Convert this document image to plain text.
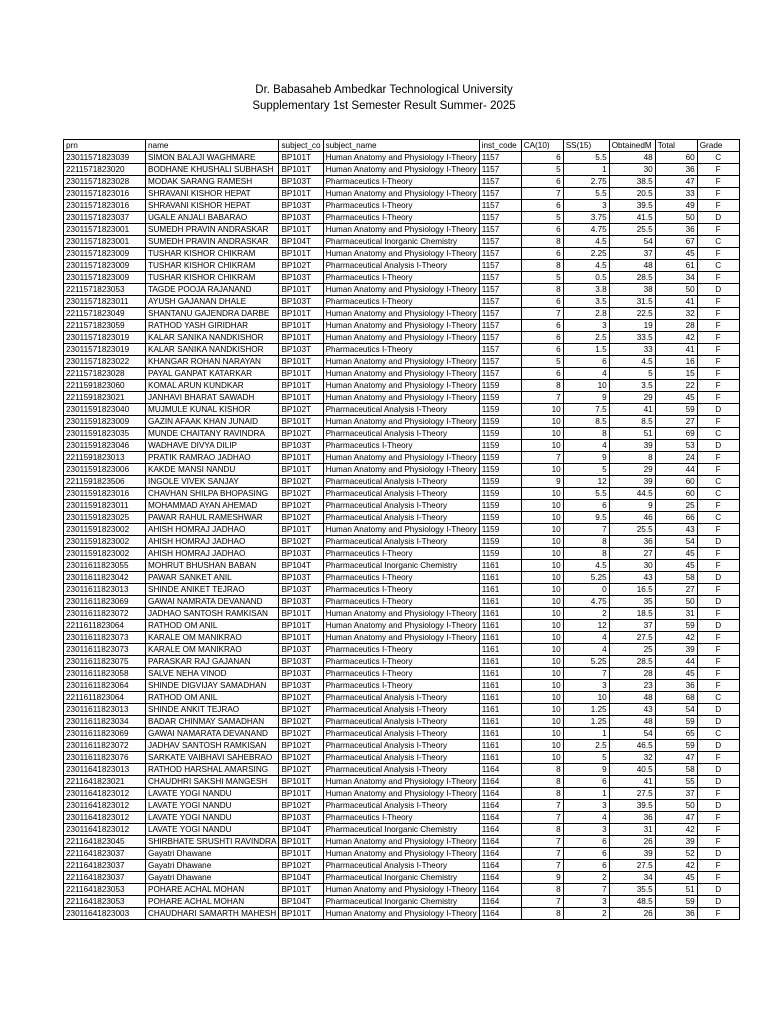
Dr. Babasaheb Ambedkar Technological University
Supplementary 1st Semester Result Summer- 2025
prn	name	subject_co	subject_name	inst_code	CA(10)	SS(15)	ObtainedM	Total	Grade
23011571823039	SIMON BALAJI WAGHMARE	BP101T	Human Anatomy and Physiology I-Theory	1157	6	5.5	48	60	C
2211571823020	BODHANE KHUSHALI SUBHASH	BP101T	Human Anatomy and Physiology I-Theory	1157	5	1	30	36	F
23011571823028	MODAK SARANG RAMESH	BP103T	Pharmaceutics I-Theory	1157	6	2.75	38.5	47	F
23011571823016	SHRAVANI KISHOR HEPAT	BP101T	Human Anatomy and Physiology I-Theory	1157	7	5.5	20.5	33	F
23011571823016	SHRAVANI KISHOR HEPAT	BP103T	Pharmaceutics I-Theory	1157	6	3	39.5	49	F
23011571823037	UGALE ANJALI BABARAO	BP103T	Pharmaceutics I-Theory	1157	5	3.75	41.5	50	D
23011571823001	SUMEDH PRAVIN ANDRASKAR	BP101T	Human Anatomy and Physiology I-Theory	1157	6	4.75	25.5	36	F
23011571823001	SUMEDH PRAVIN ANDRASKAR	BP104T	Pharmaceutical Inorganic Chemistry	1157	8	4.5	54	67	C
23011571823009	TUSHAR KISHOR CHIKRAM	BP101T	Human Anatomy and Physiology I-Theory	1157	6	2.25	37	45	F
23011571823009	TUSHAR KISHOR CHIKRAM	BP102T	Pharmaceutical Analysis I-Theory	1157	8	4.5	48	61	C
23011571823009	TUSHAR KISHOR CHIKRAM	BP103T	Pharmaceutics I-Theory	1157	5	0.5	28.5	34	F
2211571823053	TAGDE POOJA RAJANAND	BP101T	Human Anatomy and Physiology I-Theory	1157	8	3.8	38	50	D
23011571823011	AYUSH GAJANAN DHALE	BP103T	Pharmaceutics I-Theory	1157	6	3.5	31.5	41	F
2211571823049	SHANTANU GAJENDRA DARBE	BP101T	Human Anatomy and Physiology I-Theory	1157	7	2.8	22.5	32	F
2211571823059	RATHOD YASH GIRIDHAR	BP101T	Human Anatomy and Physiology I-Theory	1157	6	3	19	28	F
23011571823019	KALAR SANIKA NANDKISHOR	BP101T	Human Anatomy and Physiology I-Theory	1157	6	2.5	33.5	42	F
23011571823019	KALAR SANIKA NANDKISHOR	BP103T	Pharmaceutics I-Theory	1157	6	1.5	33	41	F
23011571823022	KHANGAR ROHAN NARAYAN	BP101T	Human Anatomy and Physiology I-Theory	1157	5	6	4.5	16	F
2211571823028	PAYAL GANPAT KATARKAR	BP101T	Human Anatomy and Physiology I-Theory	1157	6	4	5	15	F
2211591823060	KOMAL ARUN KUNDKAR	BP101T	Human Anatomy and Physiology I-Theory	1159	8	10	3.5	22	F
2211591823021	JANHAVI BHARAT SAWADH	BP101T	Human Anatomy and Physiology I-Theory	1159	7	9	29	45	F
23011591823040	MUJMULE KUNAL KISHOR	BP102T	Pharmaceutical Analysis I-Theory	1159	10	7.5	41	59	D
23011591823009	GAZIN AFAAK KHAN JUNAID	BP101T	Human Anatomy and Physiology I-Theory	1159	10	8.5	8.5	27	F
23011591823035	MUNDE CHAITANY RAVINDRA	BP102T	Pharmaceutical Analysis I-Theory	1159	10	8	51	69	C
23011591823046	WADHAVE DIVYA DILIP	BP103T	Pharmaceutics I-Theory	1159	10	4	39	53	D
2211591823013	PRATIK RAMRAO JADHAO	BP101T	Human Anatomy and Physiology I-Theory	1159	7	9	8	24	F
23011591823006	KAKDE MANSI NANDU	BP101T	Human Anatomy and Physiology I-Theory	1159	10	5	29	44	F
2211591823506	INGOLE VIVEK SANJAY	BP102T	Pharmaceutical Analysis I-Theory	1159	9	12	39	60	C
23011591823016	CHAVHAN SHILPA BHOPASING	BP102T	Pharmaceutical Analysis I-Theory	1159	10	5.5	44.5	60	C
23011591823011	MOHAMMAD AYAN AHEMAD	BP102T	Pharmaceutical Analysis I-Theory	1159	10	6	9	25	F
23011591823025	PAWAR RAHUL RAMESHWAR	BP102T	Pharmaceutical Analysis I-Theory	1159	10	9.5	46	66	C
23011591823002	AHISH HOMRAJ JADHAO	BP101T	Human Anatomy and Physiology I-Theory	1159	10	7	25.5	43	F
23011591823002	AHISH HOMRAJ JADHAO	BP102T	Pharmaceutical Analysis I-Theory	1159	10	8	36	54	D
23011591823002	AHISH HOMRAJ JADHAO	BP103T	Pharmaceutics I-Theory	1159	10	8	27	45	F
23011611823055	MOHRUT BHUSHAN BABAN	BP104T	Pharmaceutical Inorganic Chemistry	1161	10	4.5	30	45	F
23011611823042	PAWAR SANKET ANIL	BP103T	Pharmaceutics I-Theory	1161	10	5.25	43	58	D
23011611823013	SHINDE ANIKET TEJRAO	BP103T	Pharmaceutics I-Theory	1161	10	0	16.5	27	F
23011611823069	GAWAI NAMRATA DEVANAND	BP103T	Pharmaceutics I-Theory	1161	10	4.75	35	50	D
23011611823072	JADHAO SANTOSH RAMKISAN	BP101T	Human Anatomy and Physiology I-Theory	1161	10	2	18.5	31	F
2211611823064	RATHOD OM ANIL	BP101T	Human Anatomy and Physiology I-Theory	1161	10	12	37	59	D
23011611823073	KARALE OM MANIKRAO	BP101T	Human Anatomy and Physiology I-Theory	1161	10	4	27.5	42	F
23011611823073	KARALE OM MANIKRAO	BP103T	Pharmaceutics I-Theory	1161	10	4	25	39	F
23011611823075	PARASKAR RAJ GAJANAN	BP103T	Pharmaceutics I-Theory	1161	10	5.25	28.5	44	F
23011611823058	SALVE NEHA VINOD	BP103T	Pharmaceutics I-Theory	1161	10	7	28	45	F
23011611823064	SHINDE DIGVIJAY SAMADHAN	BP103T	Pharmaceutics I-Theory	1161	10	3	23	36	F
2211611823064	RATHOD OM ANIL	BP102T	Pharmaceutical Analysis I-Theory	1161	10	10	48	68	C
23011611823013	SHINDE ANKIT TEJRAO	BP102T	Pharmaceutical Analysis I-Theory	1161	10	1.25	43	54	D
23011611823034	BADAR CHINMAY SAMADHAN	BP102T	Pharmaceutical Analysis I-Theory	1161	10	1.25	48	59	D
23011611823069	GAWAI NAMARATA DEVANAND	BP102T	Pharmaceutical Analysis I-Theory	1161	10	1	54	65	C
23011611823072	JADHAV SANTOSH RAMKISAN	BP102T	Pharmaceutical Analysis I-Theory	1161	10	2.5	46.5	59	D
23011611823076	SARKATE VAIBHAVI SAHEBRAO	BP102T	Pharmaceutical Analysis I-Theory	1161	10	5	32	47	F
23011641823013	RATHOD HARSHAL AMARSING	BP102T	Pharmaceutical Analysis I-Theory	1164	8	9	40.5	58	D
2211641823021	CHAUDHRI SAKSHI MANGESH	BP101T	Human Anatomy and Physiology I-Theory	1164	8	6	41	55	D
23011641823012	LAVATE YOGI NANDU	BP101T	Human Anatomy and Physiology I-Theory	1164	8	1	27.5	37	F
23011641823012	LAVATE YOGI NANDU	BP102T	Pharmaceutical Analysis I-Theory	1164	7	3	39.5	50	D
23011641823012	LAVATE YOGI NANDU	BP103T	Pharmaceutics I-Theory	1164	7	4	36	47	F
23011641823012	LAVATE YOGI NANDU	BP104T	Pharmaceutical Inorganic Chemistry	1164	8	3	31	42	F
2211641823045	SHIRBHATE SRUSHTI RAVINDRA	BP101T	Human Anatomy and Physiology I-Theory	1164	7	6	26	39	F
2211641823037	Gayatri Dhawane	BP101T	Human Anatomy and Physiology I-Theory	1164	7	6	39	52	D
2211641823037	Gayatri Dhawane	BP102T	Pharmaceutical Analysis I-Theory	1164	7	6	27.5	42	F
2211641823037	Gayatri Dhawane	BP104T	Pharmaceutical Inorganic Chemistry	1164	9	2	34	45	F
2211641823053	POHARE ACHAL MOHAN	BP101T	Human Anatomy and Physiology I-Theory	1164	8	7	35.5	51	D
2211641823053	POHARE ACHAL MOHAN	BP104T	Pharmaceutical Inorganic Chemistry	1164	7	3	48.5	59	D
23011641823003	CHAUDHARI SAMARTH MAHESH	BP101T	Human Anatomy and Physiology I-Theory	1164	8	2	26	36	F
